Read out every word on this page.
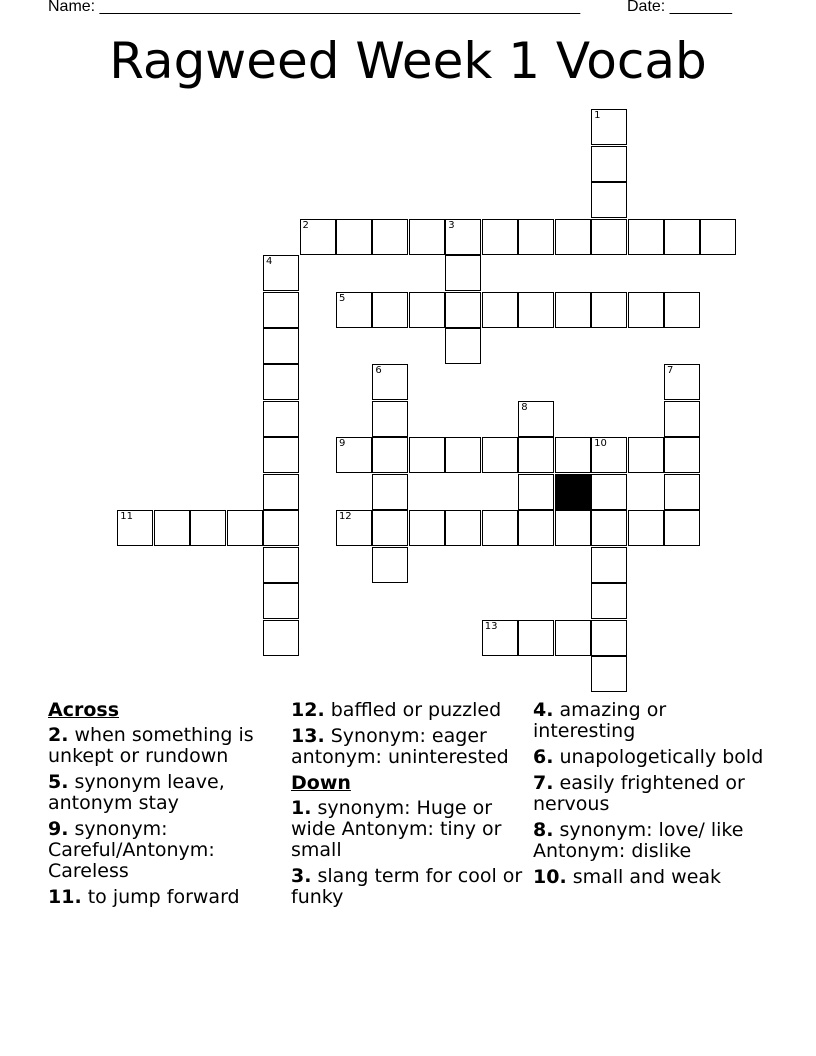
Name: ______________________________________________________	Date: _______
Ragweed Week 1 Vocab
1
2	3
4
5
6	7
8
9	10
11	12
13
Across
2. when something is unkept or rundown
5. synonym leave, antonym stay
9. synonym: Careful/Antonym: Careless
11. to jump forward
12. baffled or puzzled
13. Synonym: eager antonym: uninterested
Down
1. synonym: Huge or wide Antonym: tiny or small
3. slang term for cool or funky
4. amazing or interesting
6. unapologetically bold
7. easily frightened or nervous
8. synonym: love/ like Antonym: dislike
10. small and weak
